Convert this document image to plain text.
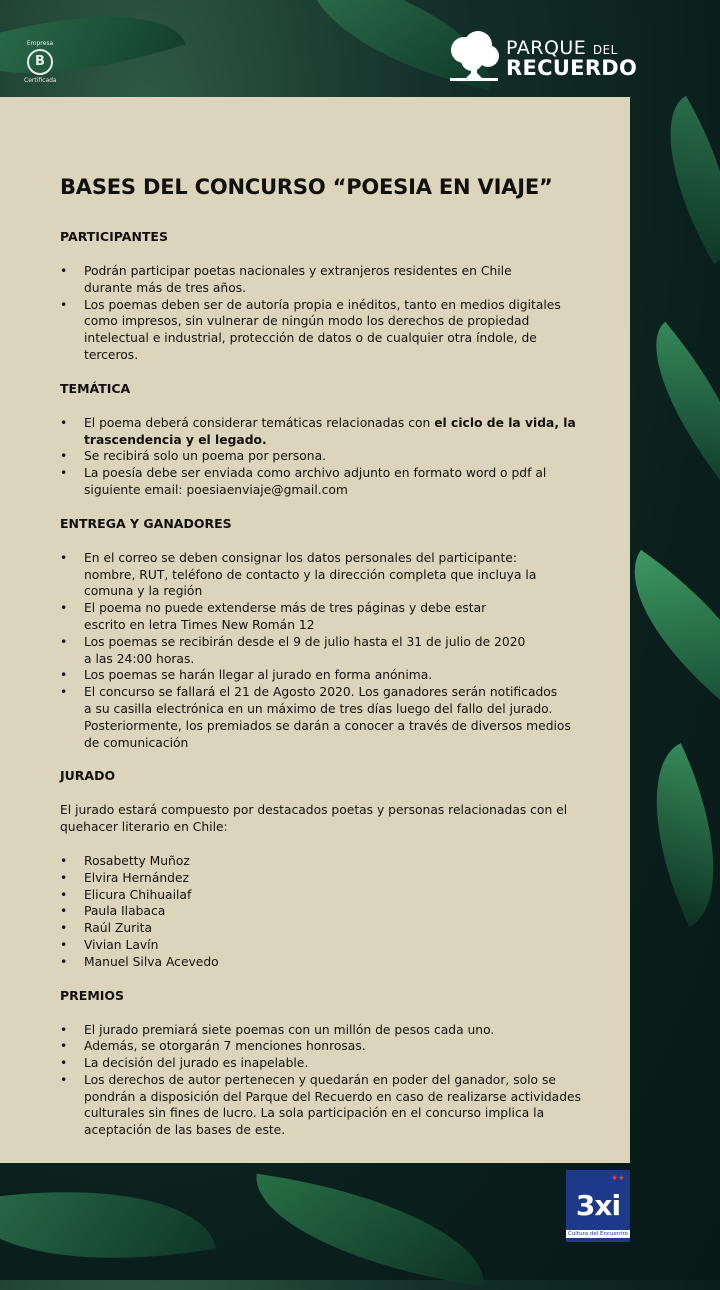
Empresa
B
Certificada
PARQUE DEL
RECUERDO
BASES DEL CONCURSO “POESIA EN VIAJE”
PARTICIPANTES
• Podrán participar poetas nacionales y extranjeros residentes en Chile
durante más de tres años.
• Los poemas deben ser de autoría propia e inéditos, tanto en medios digitales
como impresos, sin vulnerar de ningún modo los derechos de propiedad
intelectual e industrial, protección de datos o de cualquier otra índole, de terceros.
TEMÁTICA
• El poema deberá considerar temáticas relacionadas con el ciclo de la vida, la
trascendencia y el legado.
• Se recibirá solo un poema por persona.
• La poesía debe ser enviada como archivo adjunto en formato word o pdf al
siguiente email: poesiaenviaje@gmail.com
ENTREGA Y GANADORES
• En el correo se deben consignar los datos personales del participante:
nombre, RUT, teléfono de contacto y la dirección completa que incluya la
comuna y la región
• El poema no puede extenderse más de tres páginas y debe estar
escrito en letra Times New Román 12
• Los poemas se recibirán desde el 9 de julio hasta el 31 de julio de 2020
a las 24:00 horas.
• Los poemas se harán llegar al jurado en forma anónima.
• El concurso se fallará el 21 de Agosto 2020. Los ganadores serán notificados
a su casilla electrónica en un máximo de tres días luego del fallo del jurado.
Posteriormente, los premiados se darán a conocer a través de diversos medios
de comunicación
JURADO
El jurado estará compuesto por destacados poetas y personas relacionadas con el
quehacer literario en Chile:
• Rosabetty Muñoz
• Elvira Hernández
• Elicura Chihuailaf
• Paula Ilabaca
• Raúl Zurita
• Vivian Lavín
• Manuel Silva Acevedo
PREMIOS
• El jurado premiará siete poemas con un millón de pesos cada uno.
• Además, se otorgarán 7 menciones honrosas.
• La decisión del jurado es inapelable.
• Los derechos de autor pertenecen y quedarán en poder del ganador, solo se
pondrán a disposición del Parque del Recuerdo en caso de realizarse actividades
culturales sin fines de lucro. La sola participación en el concurso implica la
aceptación de las bases de este.
✦✦
3xi
Cultura del Encuentro
